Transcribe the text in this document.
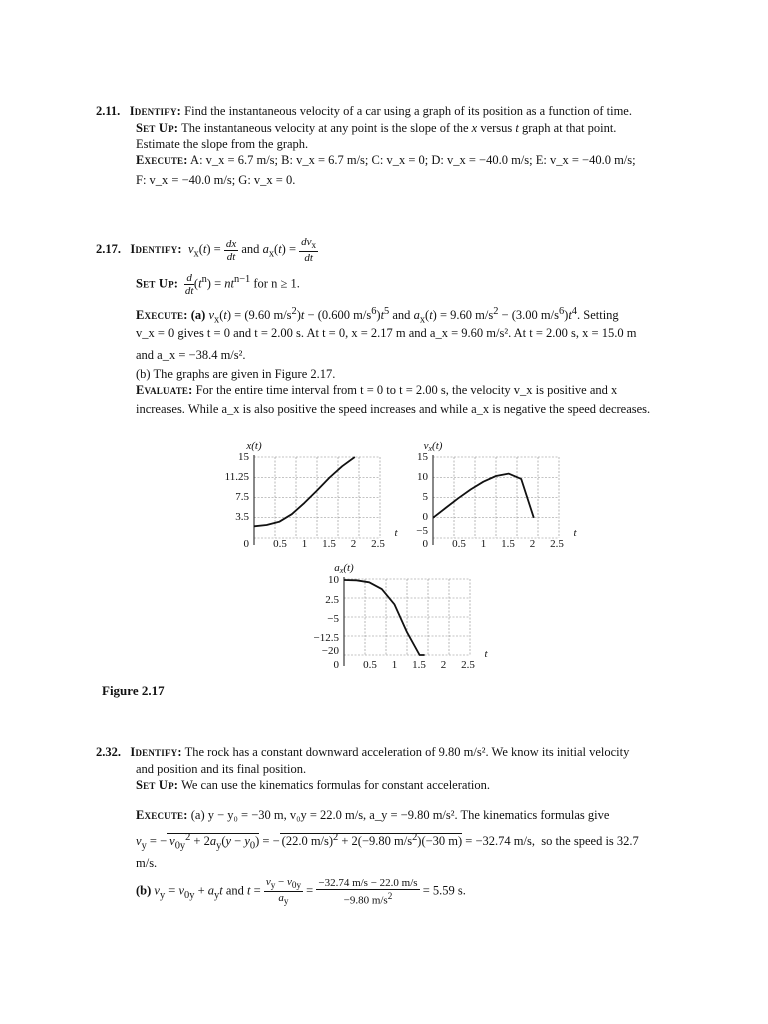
2.11. Identify: Find the instantaneous velocity of a car using a graph of its position as a function of time.
Set Up: The instantaneous velocity at any point is the slope of the x versus t graph at that point.
Estimate the slope from the graph.
Execute: A: v_x = 6.7 m/s; B: v_x = 6.7 m/s; C: v_x = 0; D: v_x = −40.0 m/s; E: v_x = −40.0 m/s;
F: v_x = −40.0 m/s; G: v_x = 0.
2.17. Identify: $v_x(t) = \frac{dx}{dt}$ and $a_x(t) = \frac{dv_x}{dt}$
Set Up: $\frac{d}{dt} (t^n) = nt^{n-1}$ for n ≥ 1.
Execute: (a) $v_x(t) = (9.60$ $m/s^2)t - (0.600$ $m/s^6)t^5$ and $a_x(t) = 9.60$ $m/s^2 - (3.00$ $m/s^6)t^4$. Setting
v_x = 0 gives t = 0 and t = 2.00 s. At t = 0, x = 2.17 m and a_x = 9.60 m/s². At t = 2.00 s, x = 15.0 m
and a_x = −38.4 m/s².
(b) The graphs are given in Figure 2.17.
Evaluate: For the entire time interval from t = 0 to t = 2.00 s, the velocity v_x is positive and x
increases. While a_x is also positive the speed increases and while a_x is negative the speed decreases.
x(t)
15
11.25
7.5
3.5
0 0.5 1 1.5 2 2.5
t
vx(t)
15
10
5
0
−5
0 0.5 1 1.5 2 2.5
t
ax(t)
10
2.5
−5
−12.5
−20
0 0.5 1 1.5 2 2.5
t
Figure 2.17
2.32. Identify: The rock has a constant downward acceleration of 9.80 m/s². We know its initial velocity
and position and its final position.
Set Up: We can use the kinematics formulas for constant acceleration.
Execute: (a) y − y₀ = −30 m, v₀y = 22.0 m/s, a_y = −9.80 m/s². The kinematics formulas give
$v_y$ = − $v_{0y}^2 + 2a_y(y - y_0)$ = − (22.0 m/s)$^2$ + 2(−9.80 $m/s^2)(-30$ m) = −32.74 m/s,  so the speed is 32.7
m/s.
(b) $v_y = v_{0y} + a_yt$ and $t = \frac{v_y - v_{0y}}{a_y} = \frac{-32.74 m/s - 22.0 m/s}{-9.80 m/s^2} = 5.59$ s.
